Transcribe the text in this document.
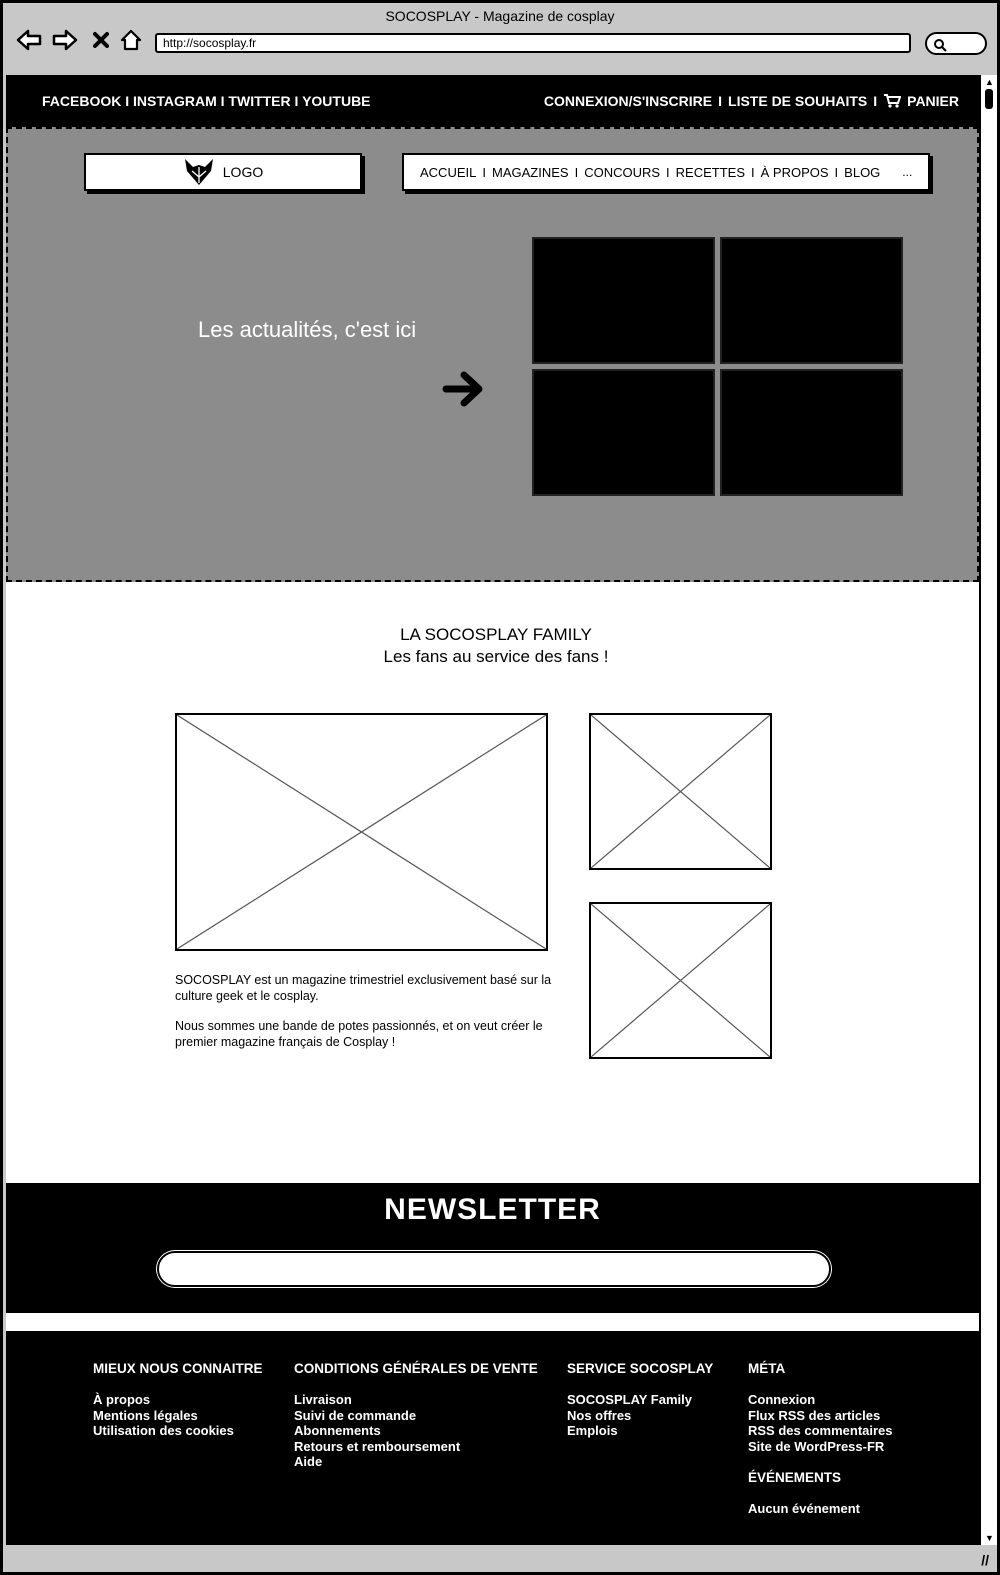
SOCOSPLAY - Magazine de cosplay
http://socosplay.fr
FACEBOOK I INSTAGRAM I TWITTER I YOUTUBE	CONNEXION/S'INSCRIRE I LISTE DE SOUHAITS I PANIER
LOGO	ACCUEIL I MAGAZINES I CONCOURS I RECETTES I À PROPOS I BLOG ...
Les actualités, c'est ici
LA SOCOSPLAY FAMILY
Les fans au service des fans !

SOCOSPLAY est un magazine trimestriel exclusivement basé sur la culture geek et le cosplay.

Nous sommes une bande de potes passionnés, et on veut créer le premier magazine français de Cosplay !

NEWSLETTER
MIEUX NOUS CONNAITRE
À propos
Mentions légales
Utilisation des cookies
CONDITIONS GÉNÉRALES DE VENTE
Livraison
Suivi de commande
Abonnements
Retours et remboursement
Aide
SERVICE SOCOSPLAY
SOCOSPLAY Family
Nos offres
Emplois
MÉTA
Connexion
Flux RSS des articles
RSS des commentaires
Site de WordPress-FR
ÉVÉNEMENTS
Aucun événement
▲
▼
//
